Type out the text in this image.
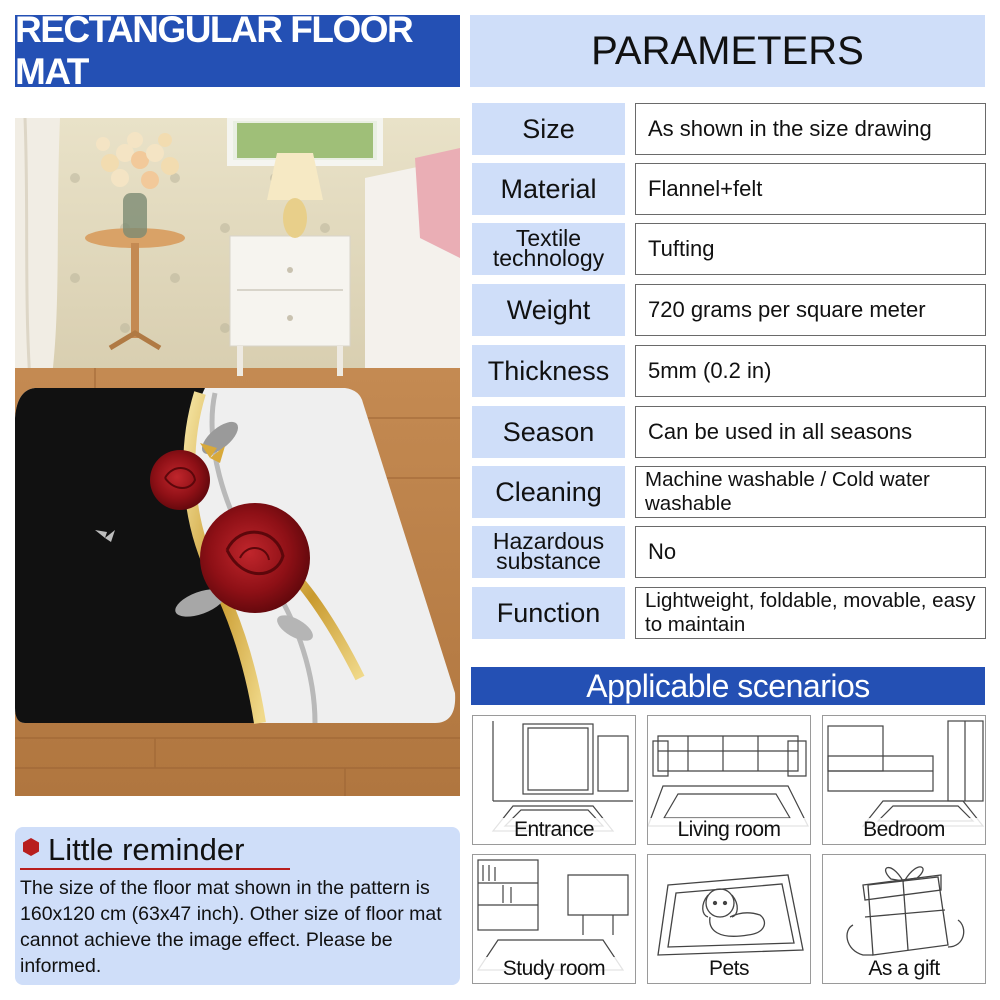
RECTANGULAR FLOOR MAT	PARAMETERS
Size	As shown in the size drawing
Material	Flannel+felt
Textile technology	Tufting
Weight	720 grams per square meter
Thickness	5mm (0.2 in)
Season	Can be used in all seasons
Cleaning	Machine washable / Cold water washable
Hazardous substance	No
Function	Lightweight, foldable, movable, easy to maintain
Applicable scenarios
Entrance	Living room	Bedroom
Study room	Pets	As a gift
Little reminder
The size of the floor mat shown in the pattern is 160x120 cm (63x47 inch). Other size of floor mat cannot achieve the image effect. Please be informed.
